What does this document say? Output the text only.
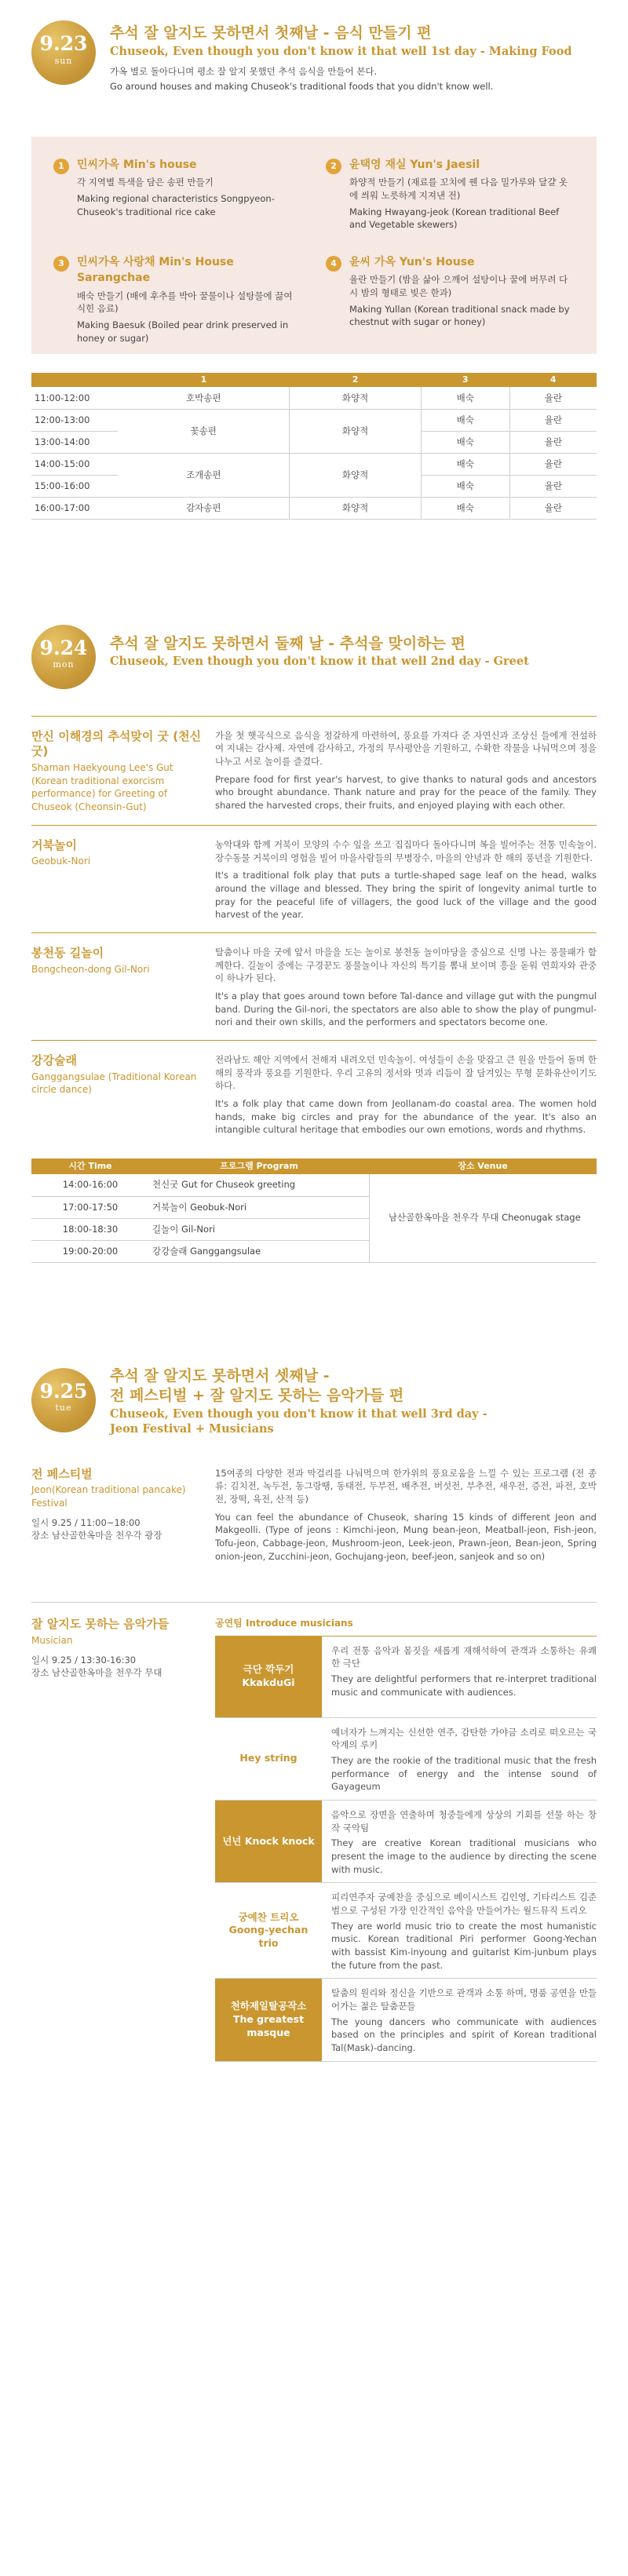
9.23
sun
추석 잘 알지도 못하면서 첫째날 - 음식 만들기 편
Chuseok, Even though you don't know it that well 1st day - Making Food
가옥 별로 돌아다니며 평소 잘 알지 못했던 추석 음식을 만들어 본다.
Go around houses and making Chuseok's traditional foods that you didn't know well.
1	민씨가옥 Min's house
각 지역별 특색을 담은 송편 만들기
Making regional characteristics Songpyeon-Chuseok's traditional rice cake
2	윤택영 재실 Yun's Jaesil
화양적 만들기 (재료를 꼬치에 꿴 다음 밀가루와 달걀 옷에 씌워 노릇하게 지져낸 전)
Making Hwayang-jeok (Korean traditional Beef and Vegetable skewers)
3	민씨가옥 사랑채 Min's House Sarangchae
배숙 만들기 (배에 후추를 박아 꿀물이나 설탕물에 끓여 식힌 음료)
Making Baesuk (Boiled pear drink preserved in honey or sugar)
4	윤씨 가옥 Yun's House
율란 만들기 (밤을 삶아 으깨어 설탕이나 꿀에 버무려 다시 밤의 형태로 빚은 한과)
Making Yullan (Korean traditional snack made by chestnut with sugar or honey)
	1	2	3	4
11:00-12:00	호박송편	화양적	배숙	율란
12:00-13:00	꽃송편	화양적	배숙	율란
13:00-14:00			배숙	율란
14:00-15:00	조개송편	화양적	배숙	율란
15:00-16:00			배숙	율란
16:00-17:00	감자송편	화양적	배숙	율란
9.24
mon
추석 잘 알지도 못하면서 둘째 날 - 추석을 맞이하는 편
Chuseok, Even though you don't know it that well 2nd day - Greet
만신 이해경의 추석맞이 굿 (천신굿)
Shaman Haekyoung Lee's Gut (Korean traditional exorcism performance) for Greeting of Chuseok (Cheonsin-Gut)
가을 첫 햇곡식으로 음식을 정갈하게 마련하여, 풍요를 가져다 준 자연신과 조상신 들에게 전설하여 지내는 감사제. 자연에 감사하고, 가정의 무사평안을 기원하고, 수확한 작물을 나눠먹으며 정을 나누고 서로 놀이를 즐겼다.
Prepare food for first year's harvest, to give thanks to natural gods and ancestors who brought abundance. Thank nature and pray for the peace of the family. They shared the harvested crops, their fruits, and enjoyed playing with each other.
거북놀이
Geobuk-Nori
농악대와 함께 거북이 모양의 수수 잎을 쓰고 집집마다 돌아다니며 복을 빌어주는 전통 민속놀이. 장수동물 거북이의 영험을 빌어 마을사람들의 무병장수, 마을의 안녕과 한 해의 풍년을 기원한다.
It's a traditional folk play that puts a turtle-shaped sage leaf on the head, walks around the village and blessed. They bring the spirit of longevity animal turtle to pray for the peaceful life of villagers, the good luck of the village and the good harvest of the year.
봉천동 길놀이
Bongcheon-dong Gil-Nori
탈춤이나 마을 굿에 앞서 마을을 도는 놀이로 봉천동 놀이마당을 중심으로 신명 나는 풍물패가 함께한다. 길놀이 중에는 구경꾼도 풍물놀이나 자신의 특기를 뽐내 보이며 흥을 돋워 연희자와 관중이 하나가 된다.
It's a play that goes around town before Tal-dance and village gut with the pungmul band. During the Gil-nori, the spectators are also able to show the play of pungmul-nori and their own skills, and the performers and spectators become one.
강강술래
Ganggangsulae (Traditional Korean circle dance)
전라남도 해안 지역에서 전해져 내려오던 민속놀이. 여성들이 손을 맞잡고 큰 원을 만들어 돌며 한 해의 풍작과 풍요를 기원한다. 우리 고유의 정서와 멋과 리듬이 잘 담겨있는 무형 문화유산이기도 하다.
It's a folk play that came down from Jeollanam-do coastal area. The women hold hands, make big circles and pray for the abundance of the year. It's also an intangible cultural heritage that embodies our own emotions, words and rhythms.
시간 Time	프로그램 Program	장소 Venue
14:00-16:00	천신굿 Gut for Chuseok greeting	남산골한옥마을 천우각 무대 Cheonugak stage
17:00-17:50	거북놀이 Geobuk-Nori	
18:00-18:30	길놀이 Gil-Nori	
19:00-20:00	강강술래 Ganggangsulae	
9.25
tue
추석 잘 알지도 못하면서 셋째날 -
전 페스티벌 + 잘 알지도 못하는 음악가들 편
Chuseok, Even though you don't know it that well 3rd day -
Jeon Festival + Musicians
전 페스티벌
Jeon(Korean traditional pancake) Festival
일시 9.25 / 11:00~18:00
장소 남산골한옥마을 천우각 광장
15여종의 다양한 전과 막걸리를 나눠먹으며 한가위의 풍요로움을 느낄 수 있는 프로그램 (전 종류: 김치전, 녹두전, 동그랑땡, 동태전, 두부전, 배추전, 버섯전, 부추전, 새우전, 증전, 파전, 호박전, 장떡, 육전, 산적 등)
You can feel the abundance of Chuseok, sharing 15 kinds of different Jeon and Makgeolli. (Type of jeons : Kimchi-jeon, Mung bean-jeon, Meatball-jeon, Fish-jeon, Tofu-jeon, Cabbage-jeon, Mushroom-jeon, Leek-jeon, Prawn-jeon, Bean-jeon, Spring onion-jeon, Zucchini-jeon, Gochujang-jeon, beef-jeon, sanjeok and so on)
잘 알지도 못하는 음악가들
Musician
일시 9.25 / 13:30-16:30
장소 남산골한옥마을 천우각 무대
공연팀 Introduce musicians
극단 깍두기 KkakduGi
우리 전통 음악과 몸짓을 새롭게 재해석하여 관객과 소통하는 유쾌한 극단
They are delightful performers that re-interpret traditional music and communicate with audiences.
Hey string
예녀자가 느껴지는 신선한 연주, 감탄한 가야금 소리로 떠오르는 국악계의 루키
They are the rookie of the traditional music that the fresh performance of energy and the intense sound of Gayageum
넌넌 Knock knock
음악으로 장면을 연출하며 청중들에게 상상의 기회를 선물 하는 창작 국악팀
They are creative Korean traditional musicians who present the image to the audience by directing the scene with music.
궁예찬 트리오 Goong-yechan trio
피리연주자 궁예찬을 중심으로 베이시스트 김인영, 기타리스트 김준범으로 구성된 가장 인간적인 음악을 만들어가는 월드뮤직 트리오
They are world music trio to create the most humanistic music. Korean traditional Piri performer Goong-Yechan with bassist Kim-inyoung and guitarist Kim-junbum plays the future from the past.
천하제일탈공작소 The greatest masque
탈춤의 원리와 정신을 기반으로 관객과 소통 하며, 명품 공연을 만들어가는 젊은 탈춤꾼들
The young dancers who communicate with audiences based on the principles and spirit of Korean traditional Tal(Mask)-dancing.
